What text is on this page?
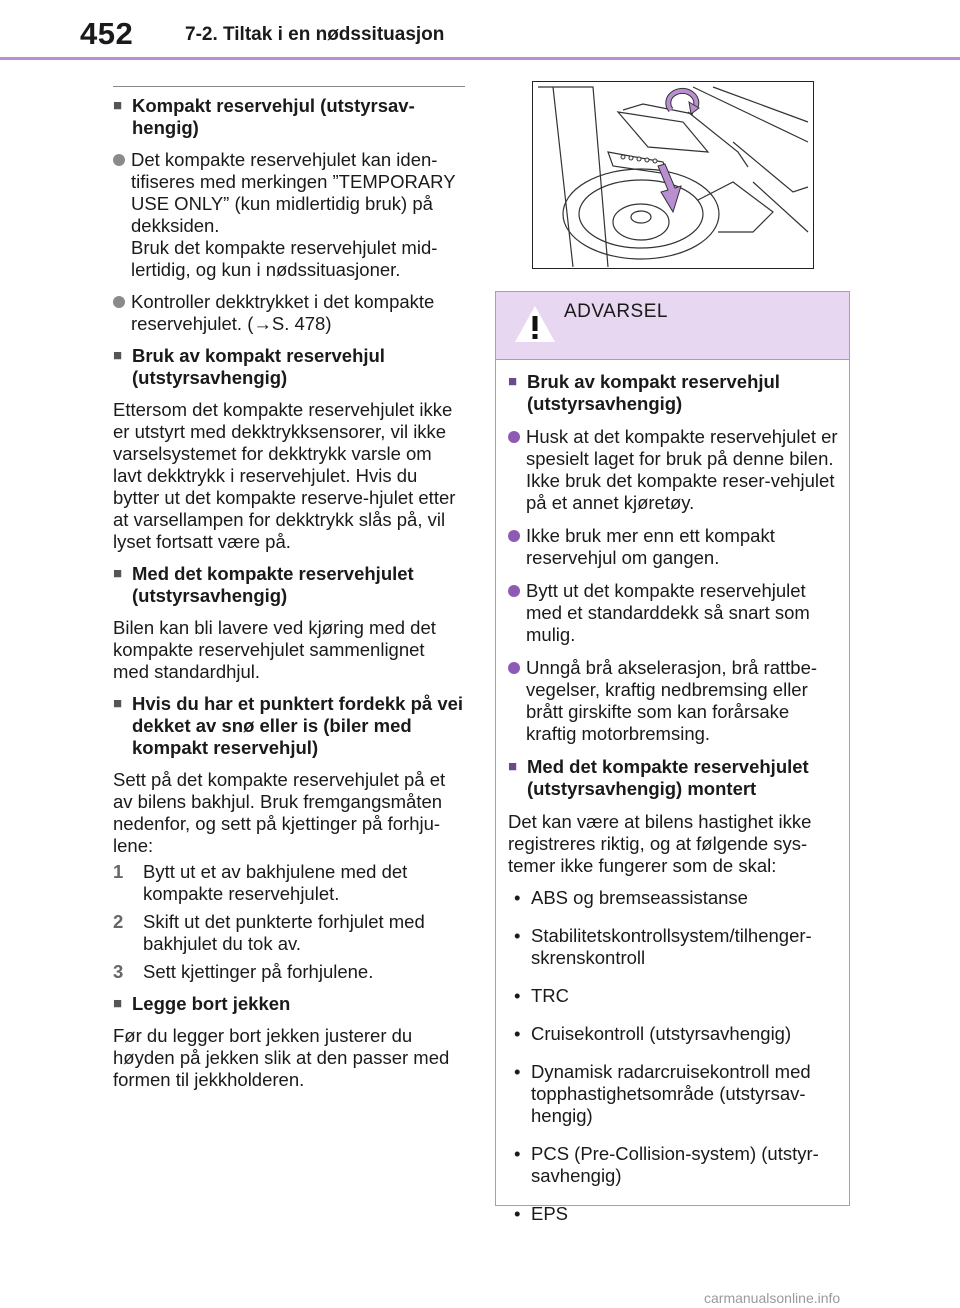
452	7-2. Tiltak i en nødssituasjon
■ Kompakt reservehjul (utstyrsav-hengig)
Det kompakte reservehjulet kan iden-tifiseres med merkingen ”TEMPORARY USE ONLY” (kun midlertidig bruk) på dekksiden.
Bruk det kompakte reservehjulet mid-lertidig, og kun i nødssituasjoner.
Kontroller dekktrykket i det kompakte reservehjulet. (→S. 478)
■ Bruk av kompakt reservehjul (utstyrsavhengig)
Ettersom det kompakte reservehjulet ikke er utstyrt med dekktrykksensorer, vil ikke varselsystemet for dekktrykk varsle om lavt dekktrykk i reservehjulet. Hvis du bytter ut det kompakte reserve-hjulet etter at varsellampen for dekktrykk slås på, vil lyset fortsatt være på.
■ Med det kompakte reservehjulet (utstyrsavhengig)
Bilen kan bli lavere ved kjøring med det kompakte reservehjulet sammenlignet med standardhjul.
■ Hvis du har et punktert fordekk på vei dekket av snø eller is (biler med kompakt reservehjul)
Sett på det kompakte reservehjulet på et av bilens bakhjul. Bruk fremgangsmåten nedenfor, og sett på kjettinger på forhju-lene:
1	Bytt ut et av bakhjulene med det kompakte reservehjulet.
2	Skift ut det punkterte forhjulet med bakhjulet du tok av.
3	Sett kjettinger på forhjulene.
■ Legge bort jekken
Før du legger bort jekken justerer du høyden på jekken slik at den passer med formen til jekkholderen.
ADVARSEL
■ Bruk av kompakt reservehjul (utstyrsavhengig)
Husk at det kompakte reservehjulet er spesielt laget for bruk på denne bilen. Ikke bruk det kompakte reser-vehjulet på et annet kjøretøy.
Ikke bruk mer enn ett kompakt reservehjul om gangen.
Bytt ut det kompakte reservehjulet med et standarddekk så snart som mulig.
Unngå brå akselerasjon, brå rattbe-vegelser, kraftig nedbremsing eller brått girskifte som kan forårsake kraftig motorbremsing.
■ Med det kompakte reservehjulet (utstyrsavhengig) montert
Det kan være at bilens hastighet ikke registreres riktig, og at følgende sys-temer ikke fungerer som de skal:
• ABS og bremseassistanse
• Stabilitetskontrollsystem/tilhenger-skrenskontroll
• TRC
• Cruisekontroll (utstyrsavhengig)
• Dynamisk radarcruisekontroll med topphastighetsområde (utstyrsav-hengig)
• PCS (Pre-Collision-system) (utstyr-savhengig)
• EPS
carmanualsonline.info
